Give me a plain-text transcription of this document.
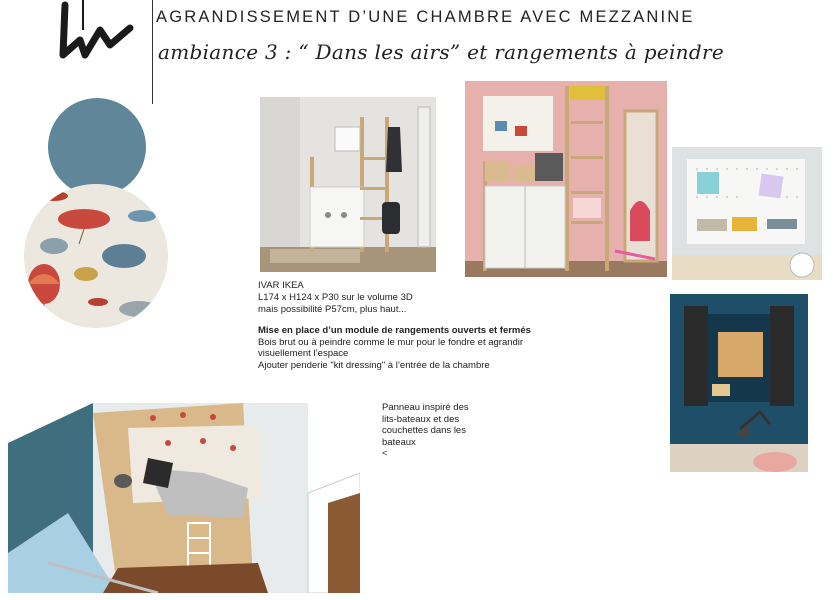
AGRANDISSEMENT D’UNE CHAMBRE AVEC MEZZANINE
ambiance 3 : “ Dans les airs” et rangements à peindre
IVAR IKEA
L174 x H124 x P30 sur le volume 3D
mais possibilité P57cm, plus haut...
Mise en place d’un module de rangements ouverts et fermés
Bois brut ou à peindre comme le mur pour le fondre et agrandir
visuellement l’espace
Ajouter penderie "kit dressing" à l’entrée de la chambre
Panneau inspiré des
lits-bateaux et des
couchettes dans les
bateaux
<
